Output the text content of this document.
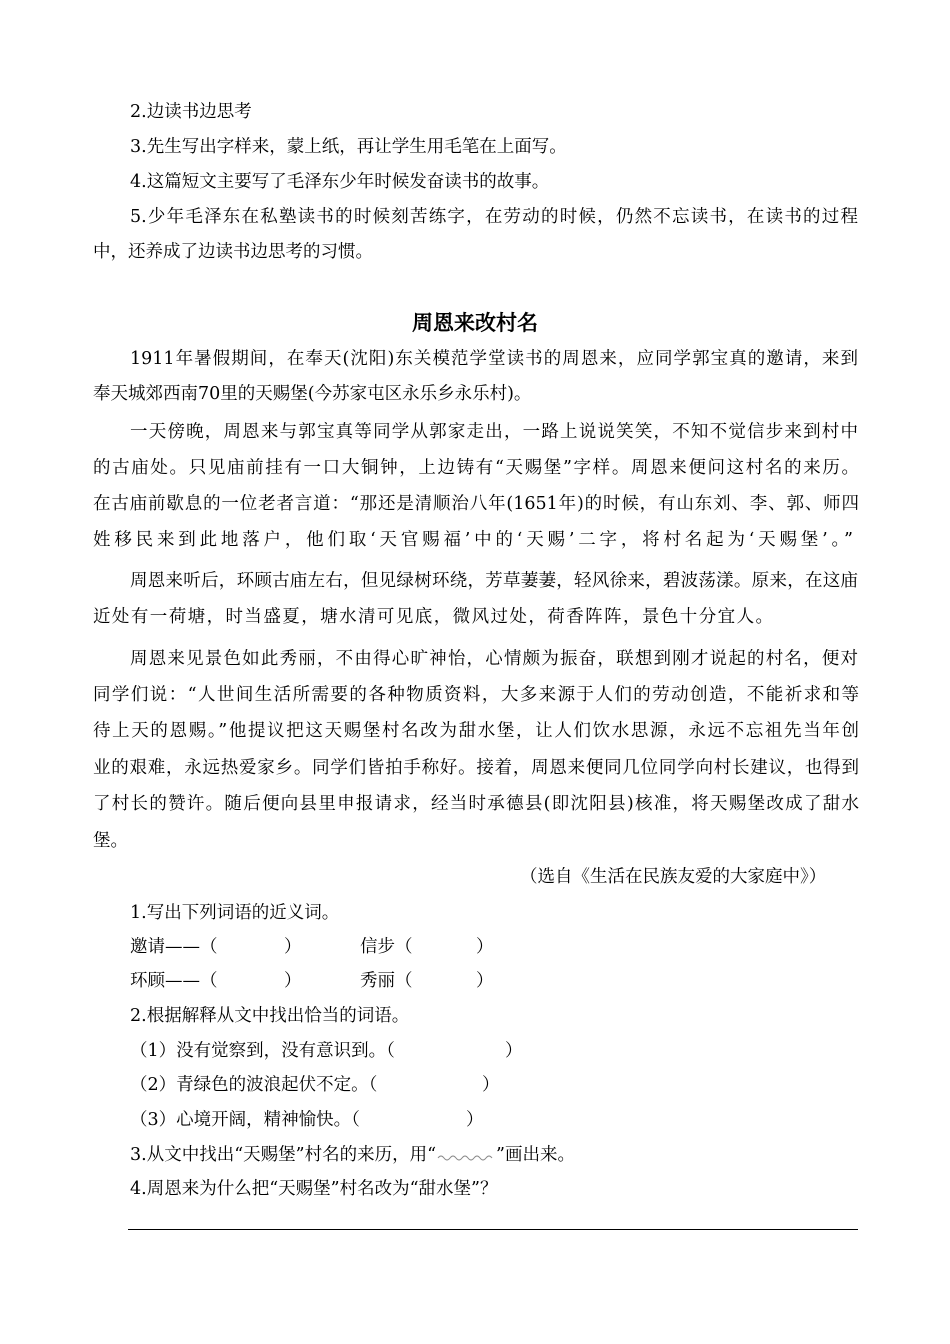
2.边读书边思考
3.先生写出字样来，蒙上纸，再让学生用毛笔在上面写。
4.这篇短文主要写了毛泽东少年时候发奋读书的故事。
5.少年毛泽东在私塾读书的时候刻苦练字，在劳动的时候，仍然不忘读书，在读书的过程
中，还养成了边读书边思考的习惯。
周恩来改村名
1911年暑假期间，在奉天(沈阳)东关模范学堂读书的周恩来，应同学郭宝真的邀请，来到
奉天城郊西南70里的天赐堡(今苏家屯区永乐乡永乐村)。
一天傍晚，周恩来与郭宝真等同学从郭家走出，一路上说说笑笑，不知不觉信步来到村中
的古庙处。只见庙前挂有一口大铜钟，上边铸有“天赐堡”字样。周恩来便问这村名的来历。
在古庙前歇息的一位老者言道：“那还是清顺治八年(1651年)的时候，有山东刘、李、郭、师四
姓移民来到此地落户，他们取‘天官赐福’中的‘天赐’二字，将村名起为‘天赐堡’。”
周恩来听后，环顾古庙左右，但见绿树环绕，芳草萋萋，轻风徐来，碧波荡漾。原来，在这庙
近处有一荷塘，时当盛夏，塘水清可见底，微风过处，荷香阵阵，景色十分宜人。
周恩来见景色如此秀丽，不由得心旷神怡，心情颇为振奋，联想到刚才说起的村名，便对
同学们说：“人世间生活所需要的各种物质资料，大多来源于人们的劳动创造，不能祈求和等
待上天的恩赐。”他提议把这天赐堡村名改为甜水堡，让人们饮水思源，永远不忘祖先当年创
业的艰难，永远热爱家乡。同学们皆拍手称好。接着，周恩来便同几位同学向村长建议，也得到
了村长的赞许。随后便向县里申报请求，经当时承德县(即沈阳县)核准，将天赐堡改成了甜水
堡。
（选自《生活在民族友爱的大家庭中》）
1.写出下列词语的近义词。
邀请——（	）	信步（	）
环顾——（	）	秀丽（	）
2.根据解释从文中找出恰当的词语。
（1）没有觉察到，没有意识到。（	）
（2）青绿色的波浪起伏不定。（	）
（3）心境开阔，精神愉快。（	）
3.从文中找出“天赐堡”村名的来历，用“	”画出来。
4.周恩来为什么把“天赐堡”村名改为“甜水堡”？
